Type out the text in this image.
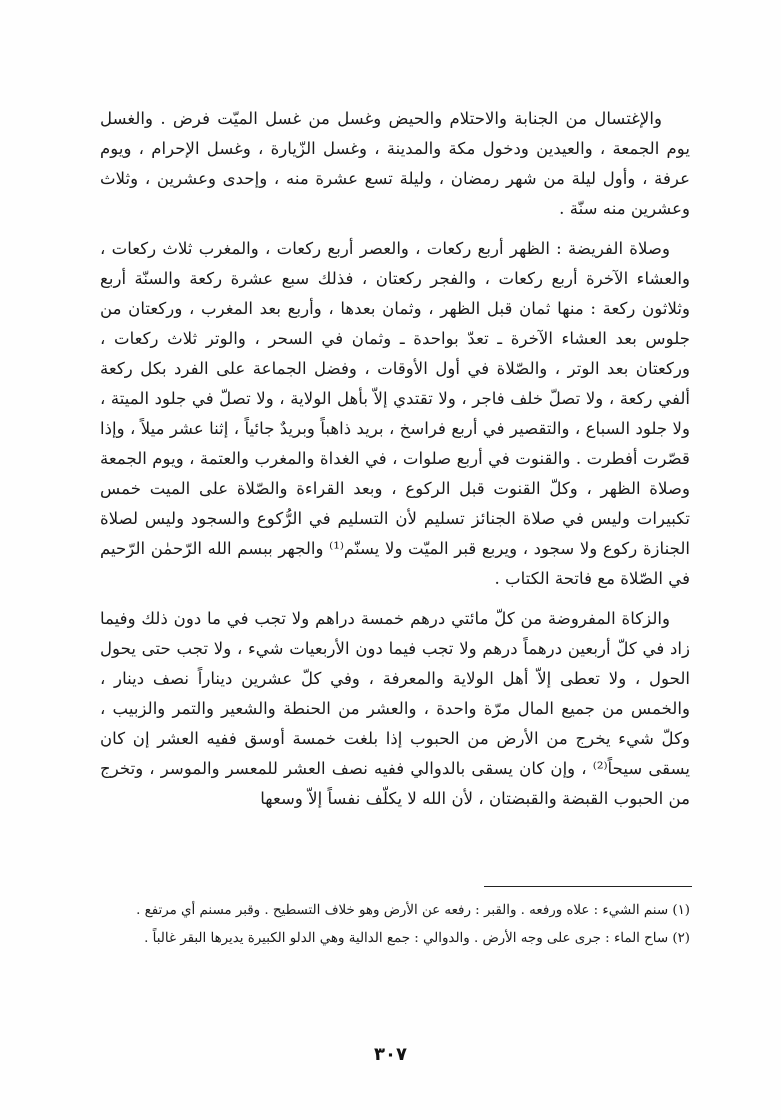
والإغتسال من الجنابة والاحتلام والحيض وغسل من غسل الميّت فرض . والغسل يوم الجمعة ، والعيدين ودخول مكة والمدينة ، وغسل الزّيارة ، وغسل الإحرام ، ويوم عرفة ، وأول ليلة من شهر رمضان ، وليلة تسع عشرة منه ، وإحدى وعشرين ، وثلاث وعشرين منه سنّة .

وصلاة الفريضة : الظهر أربع ركعات ، والعصر أربع ركعات ، والمغرب ثلاث ركعات ، والعشاء الآخرة أربع ركعات ، والفجر ركعتان ، فذلك سبع عشرة ركعة والسنّة أربع وثلاثون ركعة : منها ثمان قبل الظهر ، وثمان بعدها ، وأربع بعد المغرب ، وركعتان من جلوس بعد العشاء الآخرة ـ تعدّ بواحدة ـ وثمان في السحر ، والوتر ثلاث ركعات ، وركعتان بعد الوتر ، والصّلاة في أول الأوقات ، وفضل الجماعة على الفرد بكل ركعة ألفي ركعة ، ولا تصلّ خلف فاجر ، ولا تقتدي إلاّ بأهل الولاية ، ولا تصلّ في جلود الميتة ، ولا جلود السباع ، والتقصير في أربع فراسخ ، بريد ذاهباً وبريدٌ جائياً ، إثنا عشر ميلاً ، وإذا قصّرت أفطرت . والقنوت في أربع صلوات ، في الغداة والمغرب والعتمة ، ويوم الجمعة وصلاة الظهر ، وكلّ القنوت قبل الركوع ، وبعد القراءة والصّلاة على الميت خمس تكبيرات وليس في صلاة الجنائز تسليم لأن التسليم في الرُّكوع والسجود وليس لصلاة الجنازة ركوع ولا سجود ، ويربع قبر الميّت ولا يسنّم⁽¹⁾ والجهر ببسم الله الرّحمٰن الرّحيم في الصّلاة مع فاتحة الكتاب .

والزكاة المفروضة من كلّ مائتي درهم خمسة دراهم ولا تجب في ما دون ذلك وفيما زاد في كلّ أربعين درهماً درهم ولا تجب فيما دون الأربعيات شيء ، ولا تجب حتى يحول الحول ، ولا تعطى إلاّ أهل الولاية والمعرفة ، وفي كلّ عشرين ديناراً نصف دينار ، والخمس من جميع المال مرّة واحدة ، والعشر من الحنطة والشعير والتمر والزبيب ، وكلّ شيء يخرج من الأرض من الحبوب إذا بلغت خمسة أوسق ففيه العشر إن كان يسقى سيحاً⁽²⁾ ، وإن كان يسقى بالدوالي ففيه نصف العشر للمعسر والموسر ، وتخرج من الحبوب القبضة والقبضتان ، لأن الله لا يكلّف نفساً إلاّ وسعها

(١) سنم الشيء : علاه ورفعه . والقبر : رفعه عن الأرض وهو خلاف التسطيح . وقبر مسنم أي مرتفع .

(٢) ساح الماء : جرى على وجه الأرض . والدوالي : جمع الدالية وهي الدلو الكبيرة يديرها البقر غالباً .

٣٠٧
